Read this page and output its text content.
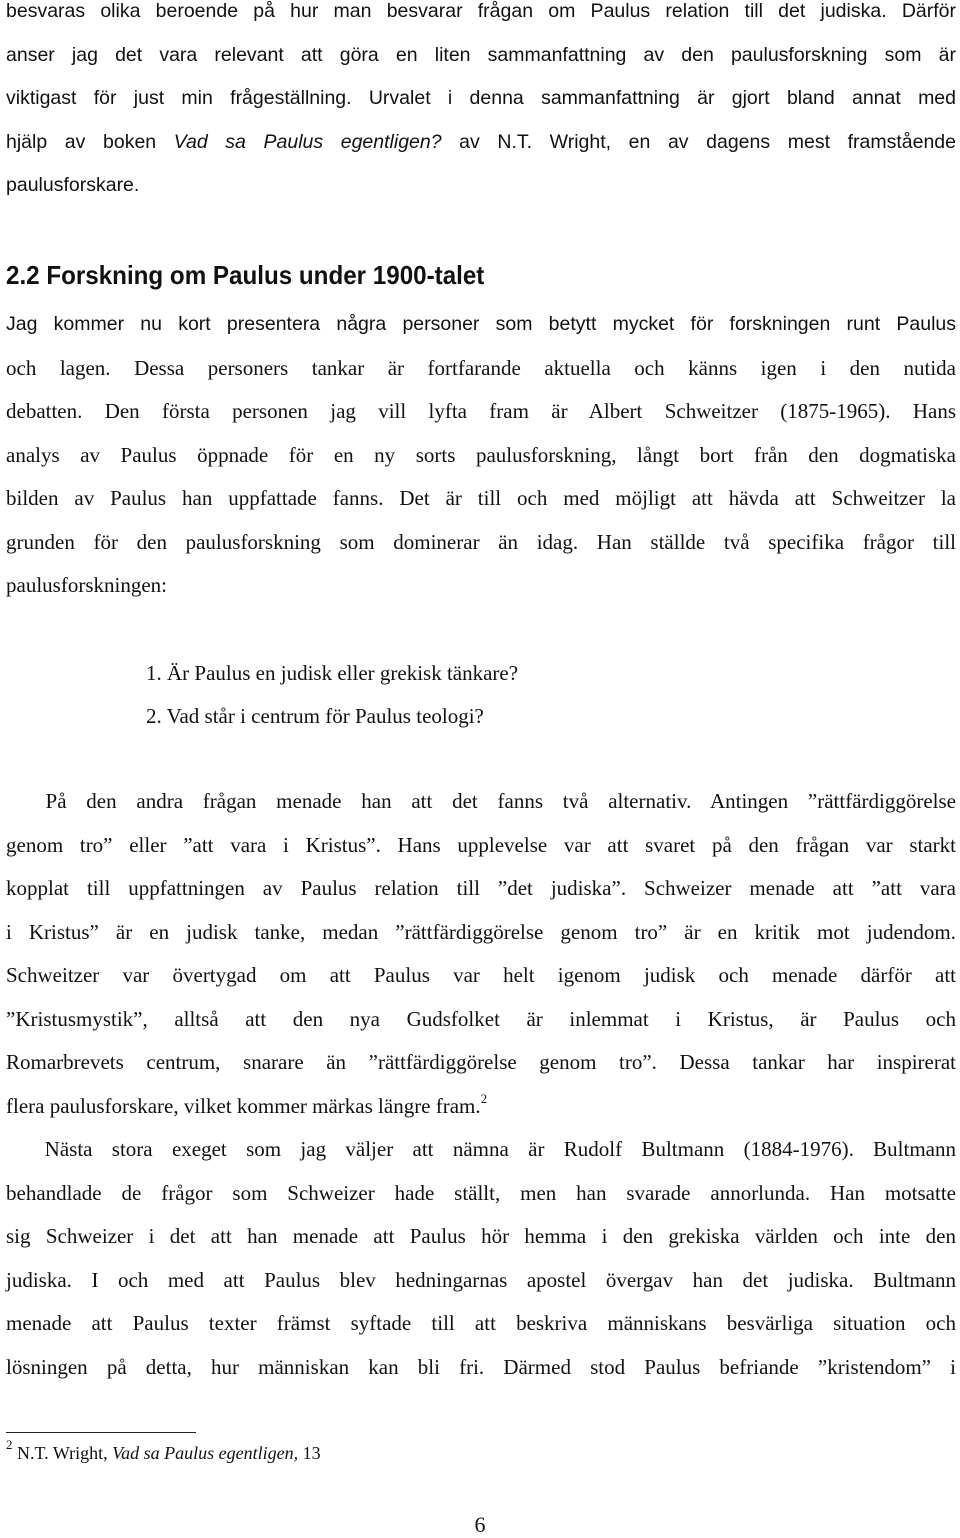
besvaras olika beroende på hur man besvarar frågan om Paulus relation till det judiska. Därför
anser jag det vara relevant att göra en liten sammanfattning av den paulusforskning som är
viktigast för just min frågeställning. Urvalet i denna sammanfattning är gjort bland annat med
hjälp av boken Vad sa Paulus egentligen? av N.T. Wright, en av dagens mest framstående
paulusforskare.

2.2 Forskning om Paulus under 1900-talet

Jag kommer nu kort presentera några personer som betytt mycket för forskningen runt Paulus
och lagen. Dessa personers tankar är fortfarande aktuella och känns igen i den nutida
debatten. Den första personen jag vill lyfta fram är Albert Schweitzer (1875-1965). Hans
analys av Paulus öppnade för en ny sorts paulusforskning, långt bort från den dogmatiska
bilden av Paulus han uppfattade fanns. Det är till och med möjligt att hävda att Schweitzer la
grunden för den paulusforskning som dominerar än idag. Han ställde två specifika frågor till
paulusforskningen:

1. Är Paulus en judisk eller grekisk tänkare?
2. Vad står i centrum för Paulus teologi?

På den andra frågan menade han att det fanns två alternativ. Antingen ”rättfärdiggörelse
genom tro” eller ”att vara i Kristus”. Hans upplevelse var att svaret på den frågan var starkt
kopplat till uppfattningen av Paulus relation till ”det judiska”. Schweizer menade att ”att vara
i Kristus” är en judisk tanke, medan ”rättfärdiggörelse genom tro” är en kritik mot judendom.
Schweitzer var övertygad om att Paulus var helt igenom judisk och menade därför att
”Kristusmystik”, alltså att den nya Gudsfolket är inlemmat i Kristus, är Paulus och
Romarbrevets centrum, snarare än ”rättfärdiggörelse genom tro”. Dessa tankar har inspirerat
flera paulusforskare, vilket kommer märkas längre fram.$^2$

Nästa stora exeget som jag väljer att nämna är Rudolf Bultmann (1884-1976). Bultmann
behandlade de frågor som Schweizer hade ställt, men han svarade annorlunda. Han motsatte
sig Schweizer i det att han menade att Paulus hör hemma i den grekiska världen och inte den
judiska. I och med att Paulus blev hedningarnas apostel övergav han det judiska. Bultmann
menade att Paulus texter främst syftade till att beskriva människans besvärliga situation och
lösningen på detta, hur människan kan bli fri. Därmed stod Paulus befriande ”kristendom” i

$^2$ N.T. Wright, Vad sa Paulus egentligen, 13
6
